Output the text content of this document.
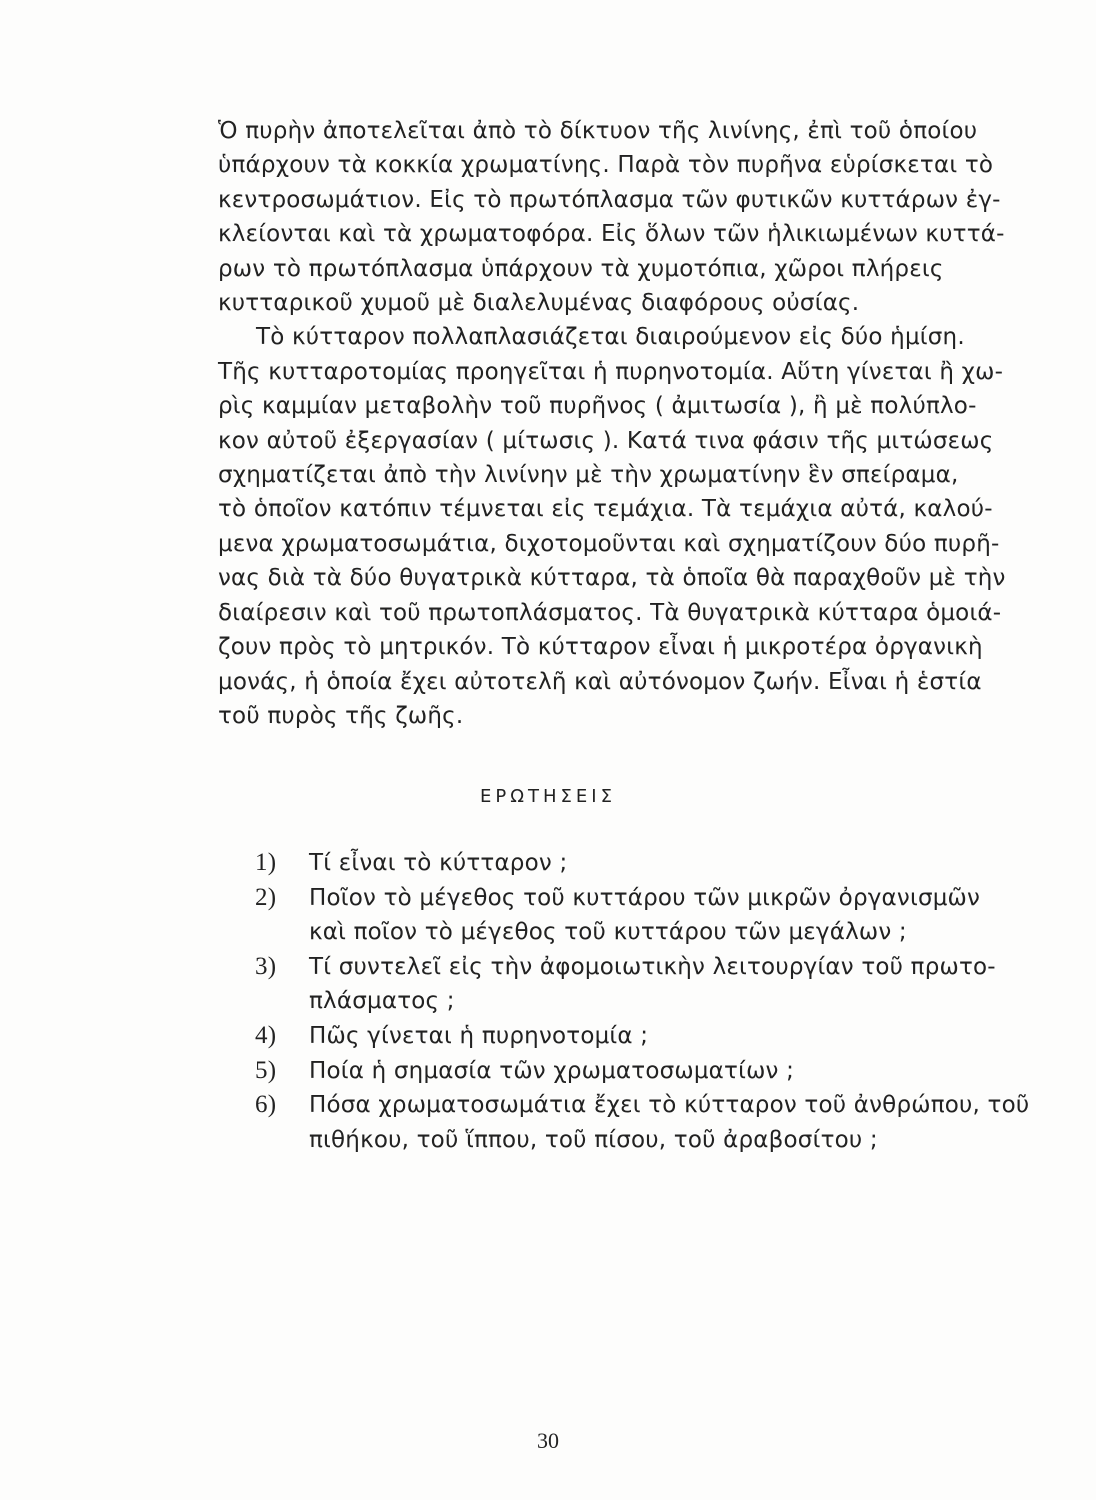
Ὁ πυρὴν ἀποτελεῖται ἀπὸ τὸ δίκτυον τῆς λινίνης, ἐπὶ τοῦ ὁποίου
ὑπάρχουν τὰ κοκκία χρωματίνης. Παρὰ τὸν πυρῆνα εὑρίσκεται τὸ
κεντροσωμάτιον. Εἰς τὸ πρωτόπλασμα τῶν φυτικῶν κυττάρων ἐγ-
κλείονται καὶ τὰ χρωματοφόρα. Εἰς ὅλων τῶν ἡλικιωμένων κυττά-
ρων τὸ πρωτόπλασμα ὑπάρχουν τὰ χυμοτόπια, χῶροι πλήρεις
κυτταρικοῦ χυμοῦ μὲ διαλελυμένας διαφόρους οὐσίας.
Τὸ κύτταρον πολλαπλασιάζεται διαιρούμενον εἰς δύο ἡμίση.
Τῆς κυτταροτομίας προηγεῖται ἡ πυρηνοτομία. Αὕτη γίνεται ἢ χω-
ρὶς καμμίαν μεταβολὴν τοῦ πυρῆνος ( ἀμιτωσία ), ἢ μὲ πολύπλο-
κον αὐτοῦ ἐξεργασίαν ( μίτωσις ). Κατά τινα φάσιν τῆς μιτώσεως
σχηματίζεται ἀπὸ τὴν λινίνην μὲ τὴν χρωματίνην ἓν σπείραμα,
τὸ ὁποῖον κατόπιν τέμνεται εἰς τεμάχια. Τὰ τεμάχια αὐτά, καλού-
μενα χρωματοσωμάτια, διχοτομοῦνται καὶ σχηματίζουν δύο πυρῆ-
νας διὰ τὰ δύο θυγατρικὰ κύτταρα, τὰ ὁποῖα θὰ παραχθοῦν μὲ τὴν
διαίρεσιν καὶ τοῦ πρωτοπλάσματος. Τὰ θυγατρικὰ κύτταρα ὁμοιά-
ζουν πρὸς τὸ μητρικόν. Τὸ κύτταρον εἶναι ἡ μικροτέρα ὀργανικὴ
μονάς, ἡ ὁποία ἔχει αὐτοτελῆ καὶ αὐτόνομον ζωήν. Εἶναι ἡ ἑστία
τοῦ πυρὸς τῆς ζωῆς.
ΕΡΩΤΗΣΕΙΣ
1)	Τί εἶναι τὸ κύτταρον ;
2)	Ποῖον τὸ μέγεθος τοῦ κυττάρου τῶν μικρῶν ὀργανισμῶν
καὶ ποῖον τὸ μέγεθος τοῦ κυττάρου τῶν μεγάλων ;
3)	Τί συντελεῖ εἰς τὴν ἀφομοιωτικὴν λειτουργίαν τοῦ πρωτο-
πλάσματος ;
4)	Πῶς γίνεται ἡ πυρηνοτομία ;
5)	Ποία ἡ σημασία τῶν χρωματοσωματίων ;
6)	Πόσα χρωματοσωμάτια ἔχει τὸ κύτταρον τοῦ ἀνθρώπου, τοῦ
πιθήκου, τοῦ ἵππου, τοῦ πίσου, τοῦ ἀραβοσίτου ;
30
